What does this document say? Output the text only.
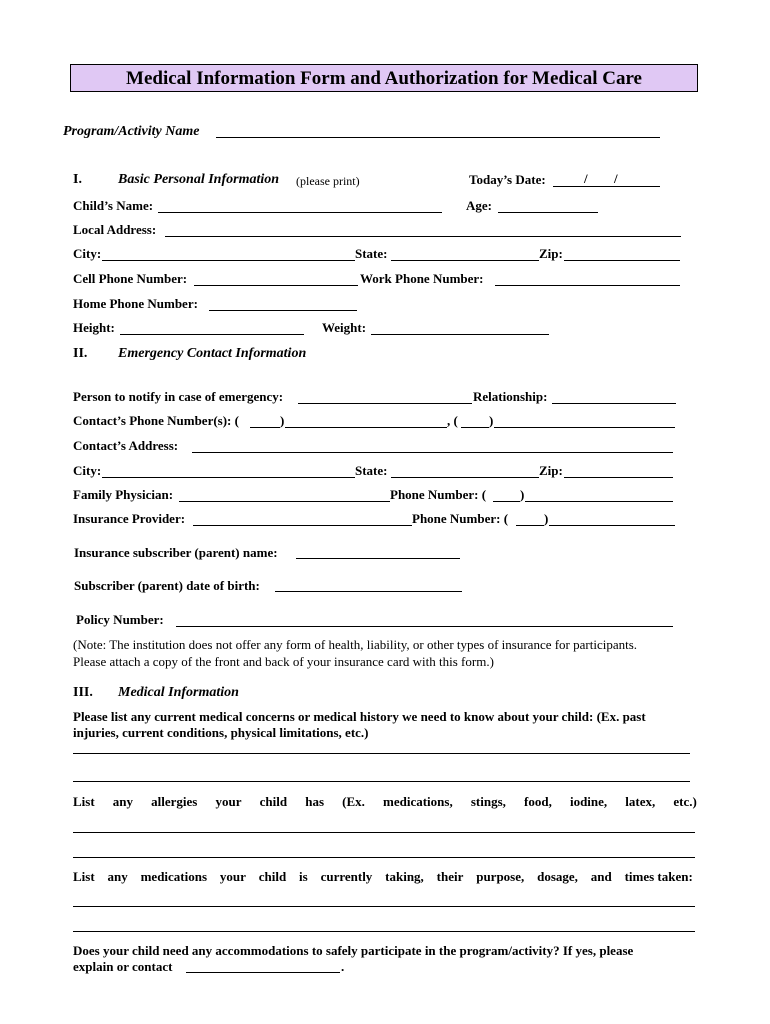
Medical Information Form and Authorization for Medical Care
Program/Activity Name
I.	Basic Personal Information (please print)	Today’s Date:	/ /
Child’s Name:	Age:
Local Address:
City:	State:	Zip:
Cell Phone Number:	Work Phone Number:
Home Phone Number:
Height:	Weight:
II. Emergency Contact Information
Person to notify in case of emergency:	Relationship:
Contact’s Phone Number(s): (	)	, ( )
Contact’s Address:
City:	State:	Zip:
Family Physician:	Phone Number: (	)
Insurance Provider:	Phone Number: (	)
Insurance subscriber (parent) name:
Subscriber (parent) date of birth:
Policy Number:
(Note: The institution does not offer any form of health, liability, or other types of insurance for participants.
Please attach a copy of the front and back of your insurance card with this form.)
III. Medical Information
Please list any current medical concerns or medical history we need to know about your child: (Ex. past
injuries, current conditions, physical limitations, etc.)
List any allergies your child has (Ex. medications, stings, food, iodine, latex, etc.)
List any medications your child is currently taking, their purpose, dosage, and times taken:
Does your child need any accommodations to safely participate in the program/activity? If yes, please
explain or contact	.
